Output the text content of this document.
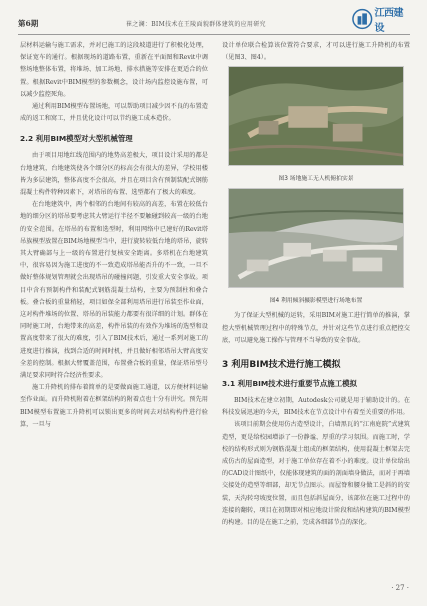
第6期	崔之澜：BIM技术在王陵面貌群体建筑的应用研究
江西建设

层材料运输与施工需求，并对已施工的这段坡道进行了积极化处理，保证宽车的通行。根据现场的道路布置，重新在平面图和Revit中调整场地整体布置，将堆场、加工场地、排水措施等安排在更适合的位置。根据Revit中BIM模型的参数概念，设计场内监控设施布置，可以减少监控死角。

通过利用BIM模型布置场地，可以帮助项目减少因不良的布置造成的返工和窝工，并且优化设计可以节约施工成本造价。

2.2 利用BIM模型对大型机械管理

由于项目用地红线范围内的地势高差极大，项目设计采用的都是台地建筑，台地建筑使各个细分区的标高会有很大的差异，学校用楼皆为多层建筑，整体高度不会很高，并且在项目含有预制装配式钢筋混凝土构件特种因素下，对塔吊的布置、选型都有了极大的难度。

在台地建筑中，两个相邻的台地间有较高的高差，布置在较低台地的细分区的塔吊要考虑其大臂运行半径不要触碰到较高一级的台地的安全范围。在塔吊的布置和选型时，利用网络中已建好的Revit塔吊族模型放置在BIM场地模型当中，进行旋转较低台地的塔吊，旋转其大臂确部与上一级的布置进行复核安全距离。多塔机在台地建筑中，很容易因为施工进度的不一致造成塔吊能否升的不一致，一旦不做好整体规划管理就会出现塔吊的碰撞问题，引发重大安全事故。项目中含有预制构件和装配式钢筋混凝土结构，主要为预制柱和叠合板。叠合板的重量稍轻，项目如保全部利用塔吊进行吊装至作业面，这对构件堆场的位置、塔吊的吊装能力都要有很详细的计划。群体在同时施工时，台地带来的高差，构件吊装的有效作为堆场的选型和设置高度带来了很大的难度，引入了BIM技术后，通过一系列对施工的进度进行推演，找到合适的时间时机，并且做好相邻塔吊大臂高度安全差的控制。根据大臂覆盖范围，布置叠合板的重量，保证塔吊型号满足要求同时符合经济性要求。

施工升降机的排布着简单的是要做面施工通道，以方便材料运输至作业面。而升降机附着在框架结构的附着点也十分有讲究。预先用BIM模型布置施工升降机可以锁出更多的时间去对结构构件进行验算，一旦与

设计单位联合检算该位置符合要求，才可以进行施工升降机的布置（见图3、图4）。

图3 场地施工无人机俯拍实景
图4 利用倾斜摄影模型进行场地布置

为了保证大型机械的运转，采用BIM对施工进行简单的推演，掌控大型机械管理过程中的特殊节点，并针对这些节点进行重点把控交底，可以避免施工操作与管理不当导致的安全事故。

3 利用BIM技术进行施工模拟
3.1 利用BIM技术进行重要节点施工模拟

BIM技术在建立初期，Autodesk公司就是用于辅助设计的。在科技发展迅速的今天，BIM技术在节点设计中有着至关重要的作用。

该项目前期会使用仿古造型设计，白墙黑瓦的“江南庭院”式建筑造型，更是给校园增添了一份静谧、厚重的学习氛围。而施工时，学校的结构形式则为钢筋混凝土组成的框架结构，使用混凝土框架去完成仿古的屋面造型，对于施工单位存在着不小的难度。设计单位给出的CAD设计图纸中，仅能体现建筑的面的剖面墙身做法，而对于再墙交接处的造型等细部，却无节点图示。而屋脊和腰身做工是斜的的安装，天沟转弯坡度位置，而且包括斜屋面分，该部位在施工过程中的连接的翻转，项目在初期即对相应地设计阶段和结构建筑的BIM模型的构建。目的是在施工之前，完成各细部节点的深化。

· 27 ·
